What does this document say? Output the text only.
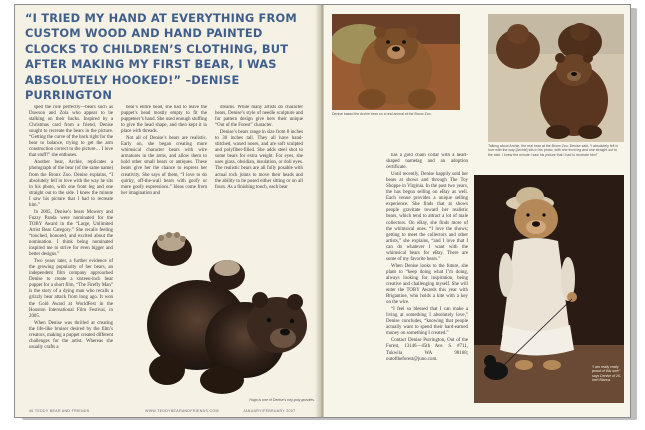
“I TRIED MY HAND AT EVERYTHING FROM CUSTOM WOOD AND HAND PAINTED CLOCKS TO CHILDREN’S CLOTHING, BUT AFTER MAKING MY FIRST BEAR, I WAS ABSOLUTELY HOOKED!” –DENISE PURRINGTON

sped the role perfectly—bears such as Dawson and Zola who appear to be stalking on their backs. Inspired by a Christmas card from a friend, Denise sought to recreate the bears in the picture. “Getting the curve of the back right for the bear to balance, trying to get the arm construction correct to the picture… I love that stuff!” she enthuses.

Another bear, Archie, replicates a photograph of the bear (of the same name) from the Bronx Zoo. Denise explains, “I absolutely fell in love with the way he sits in his photo, with one front leg and one straight out to the side. I knew the minute I saw his picture that I had to recreate him.”

In 2005, Denise’s bears Mowery and Fuzzy Panda were nominated for the TOBY Award in the “Large, Unlimited Artist Bear Category.” She recalls feeling “touched, honored, and excited about the nomination. I think being nominated inspired me to strive for even bigger and better designs.”

Two years later, a further evidence of the growing popularity of her bears, an independent film company approached Denise to create a sixteen-inch bear puppet for a short film, “The Firefly Man” is the story of a dying man who recalls a grizzly bear attack from long ago. It won the Gold Award at WorldFest in the Houston International Film Festival, in 2005.

When Denise was thrilled at creating the life-like bruiser desired by the film’s creators, making a puppet created different challenges for the artist. Whereas she usually crafts a

bear’s entire head, she had to leave the puppet’s head mostly empty to fit the puppeteer’s hand. She used enough stuffing to give the head shape, and then kept it in place with threads.

Not all of Denise’s bears are realistic. Early on, she began creating more whimsical character bears with wire armatures in the arms, and allow them to hold other small bears or antiques. These bears give her the chance to express her creativity. She says of them, “I love to do quirky, off-the-wall bears with goofy or more goofy expressions.” Ideas come from her imagination and

dreams. While many artists do character bears, Denise’s style of needle sculpture and fur pattern design give hers their unique “Out of the Forest” character.

Denise’s bears range in size from 8 inches to 30 inches tall. They all have hand-stitched, waxed noses, and are soft sculpted and polyfiber-filled. She adds steel shot to some bears for extra weight. For eyes, she uses glass, obsidian, insulation, or doll eyes. The realistic bears are all fully posable with actual rock joints to move their heads and the ability to be posed either sitting or on all fours. As a finishing touch, each bear

Hugo is one of Denise’s roly-poly grizzlies.
46 TEDDY BEAR AND FRIENDS	WWW.TEDDYBEARANDFRIENDS.COM	JANUARY/FEBRUARY 2007
Denise based the Archie bear on a real animal at the Bronx Zoo.
Talking about Archie, the real bear at the Bronx Zoo, Denise said, “I absolutely fell in love with the way [Archie] sits in his photo, with one front leg and one straight out to the side. I knew the minute I saw his picture that I had to recreate him!”

has a gold chain collar with a heart-shaped nametag and an adoption certificate.

Until recently, Denise happily sold her bears at shows and through The Toy Shoppe in Virginia. In the past two years, the has begun selling on eBay as well. Each venue provides a unique selling experience. She finds that at shows people gravitate toward her realistic bears, which tend to attract a lot of male collectors. On eBay, she finds more of the whimsical ones. “I love the shows; getting to meet the collectors and other artists,” she explains, “and I love that I can do whatever I want with the whimsical bears for eBay. There are some of my favorite bears.”

When Denise looks to the future, she plans to “keep doing what I’m doing, always looking for inspiration, being creative and challenging myself. She will enter the TOBY Awards this year with Brigantine, who holds a kite with a key on the wire.

“I feel so blessed that I can make a living at something I absolutely love,” Denise concludes, “knowing that people actually want to spend their hard-earned money on something I created.”

Contact Denise Purrington, Out of the Forest, 13146—45th Ave. S. #711, Tukwila WA 98168; outoftheforest@juno.com.

“I am really really proud of this one!” says Denise of 26-inch Bianca.
